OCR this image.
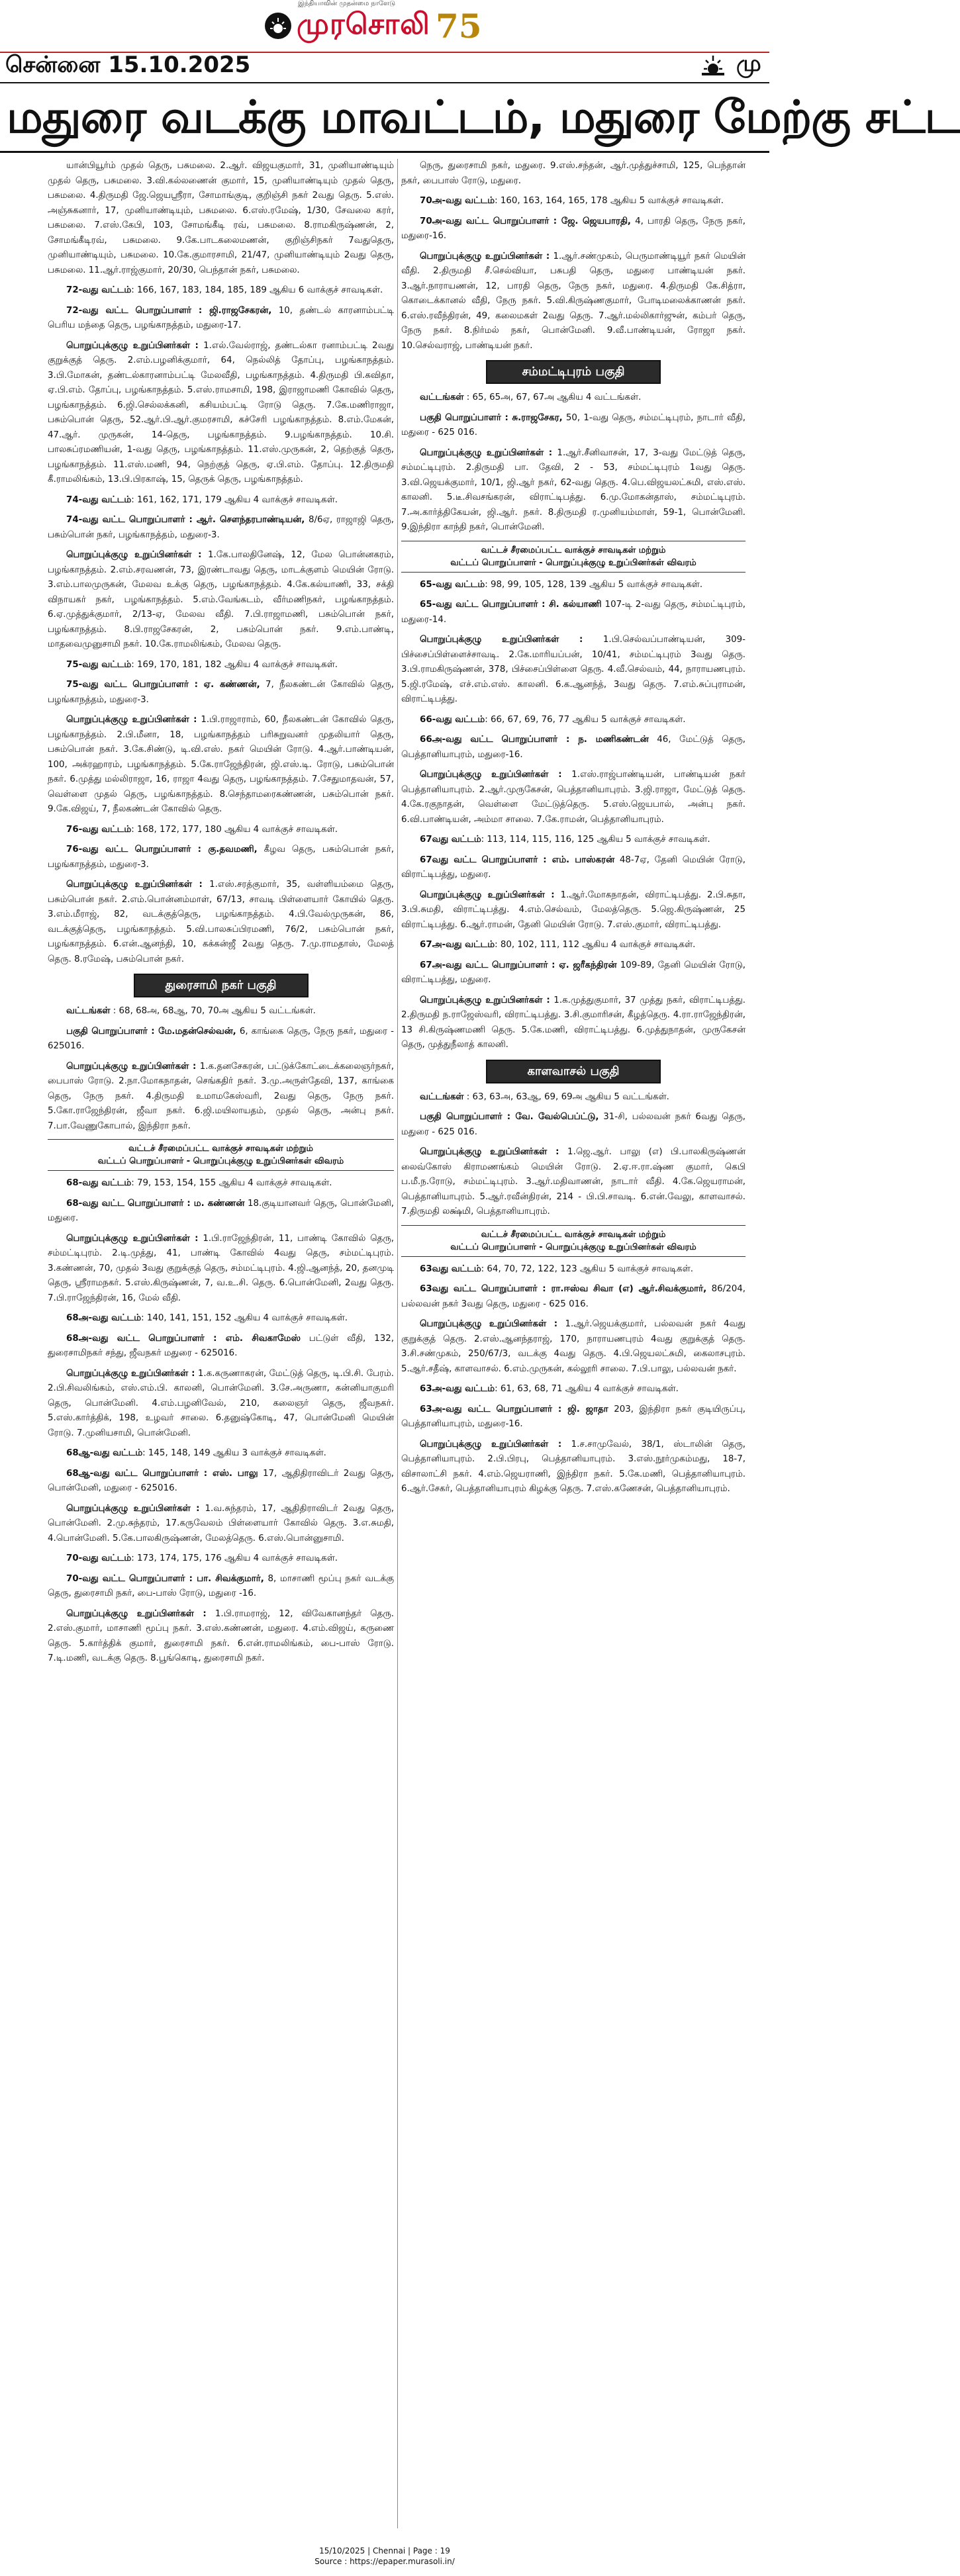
இந்தியாவின் முதன்மை நாளேடு
முரசொலி 75
சென்னை 15.10.2025	மு
மதுரை வடக்கு மாவட்டம், மதுரை மேற்கு சட்ட

யான்பியூர்ம் முதல் தெரு, பசுமலை. 2.ஆர். விஜயகுமார், 31, முனியாண்டியும் முதல் தெரு, பசுமலை. 3.வி.கல்லணைன் குமார், 15, முனியாண்டியும் முதல் தெரு, பசுமலை. 4.திருமதி ஜே.ஜெயஸ்ரீரா, சோமாங்குடி, குறிஞ்சி நகர் 2வது தெரு. 5.எஸ். அஞ்சுகனார், 17, முனியாண்டியும், பசுமலை. 6.எஸ்.ரமேஷ், 1/30, சேவலை கரர், பசுமலை. 7.எஸ்.கேபி, 103, சோமங்கீடி ரவ், பசுமலை. 8.ராமகிருஷ்ணன், 2, சோமங்கீடிரவ், பசுமலை. 9.கே.பாடகலைமணன், குறிஞ்சிநகர் 7வதுதெரு, முனியாண்டியும், பசுமலை. 10.கே.குமாரசாமி, 21/47, முனியாண்டியும் 2வது தெரு, பசுமலை. 11.ஆர்.ராஜ்குமார், 20/30, பெந்தான் நகர், பசுமலை.

72-வது வட்டம்: 166, 167, 183, 184, 185, 189 ஆகிய 6 வாக்குச் சாவடிகள்.

72-வது வட்ட பொறுப்பாளர் : ஜி.ராஜசேகரன், 10, தண்டல் காரனாம்பட்டி பெரிய மந்தை தெரு, பழங்காநத்தம், மதுரை-17.

பொறுப்புக்குழு உறுப்பினர்கள் : 1.எல்.வேல்ராஜ், தண்டல்கா ரனாம்பட்டி 2வது குறுக்குத் தெரு. 2.எம்.பழனிக்குமார், 64, நெல்லித் தோப்பு, பழங்காநத்தம். 3.பி.மோகன், தண்டல்காரனாம்பட்டி மேலவீதி, பழங்காநத்தம். 4.திருமதி பி.கவிதா, ஏ.பி.எம். தோப்பு, பழங்காநத்தம். 5.எஸ்.ராமசாமி, 198, இராஜாமணி கோவில் தெரு, பழங்காநத்தம். 6.ஜி.செல்லக்கனி, கசியம்பட்டி ரோடு தெரு. 7.கே.மணிராஜா, பசும்பொன் தெரு, 52.ஆர்.பி.ஆர்.குமரசாமி, கச்சேரி பழங்காநத்தம். 8.எம்.மேகன், 47.ஆர். முருகன், 14-தெரு, பழங்காநத்தம். 9.பழங்காநத்தம். 10.சி. பாலசுப்ரமணியன், 1-வது தெரு, பழங்காநத்தம். 11.எஸ்.முருகன், 2, தெற்குத் தெரு, பழங்காநத்தம். 11.எஸ்.மணி, 94, நெற்குத் தெரு, ஏ.பி.எம். தோப்பு. 12.திருமதி கீ.ராமலிங்கம், 13.பி.பிரகாஷ், 15, தெருக் தெரு, பழங்காநத்தம்.

74-வது வட்டம்: 161, 162, 171, 179 ஆகிய 4 வாக்குச் சாவடிகள்.

74-வது வட்ட பொறுப்பாளர் : ஆர். சௌந்தரபாண்டியன், 8/6ஏ, ராஜாஜி தெரு, பசும்பொன் நகர், பழங்காநத்தம், மதுரை-3.

பொறுப்புக்குழு உறுப்பினர்கள் : 1.கே.பாலதினேஷ், 12, மேல பொன்னகரம், பழங்காநத்தம். 2.எம்.சரவணன், 73, இரண்டாவது தெரு, மாடக்குளம் மெயின் ரோடு. 3.எம்.பாலமுருகன், மேலவ உக்கு தெரு, பழங்காநத்தம். 4.கே.கல்யாணி, 33, சக்தி விநாயகர் நகர், பழங்காநத்தம். 5.எம்.வேங்கடம், வீர்மணிநகர், பழங்காநத்தம். 6.ஏ.முத்துக்குமார், 2/13-ஏ, மேலவ வீதி. 7.பி.ராஜாமணி, பசும்பொன் நகர், பழங்காநத்தம். 8.பி.ராஜசேகரன், 2, பசும்பொன் நகர். 9.எம்.பாண்டி, மாதவைமுனுசாமி நகர். 10.கே.ராமலிங்கம், மேலவ தெரு.

75-வது வட்டம்: 169, 170, 181, 182 ஆகிய 4 வாக்குச் சாவடிகள்.

75-வது வட்ட பொறுப்பாளர் : ஏ. கண்ணன், 7, நீலகண்டன் கோவில் தெரு, பழங்காநத்தம், மதுரை-3.

பொறுப்புக்குழு உறுப்பினர்கள் : 1.பி.ராஜாராம், 60, நீலகண்டன் கோவில் தெரு, பழங்காநத்தம். 2.பி.மீனா, 18, பழங்காநத்தம் பரிசுறுவனர் முதலியார் தெரு, பசும்பொன் நகர். 3.கே.சிண்டு, டி.வி.எஸ். நகர் மெயின் ரோடு. 4.ஆர்.பாண்டியன், 100, அக்ரஹாரம், பழங்காநத்தம். 5.கே.ராஜேந்திரன், ஜி.எஸ்.டி. ரோடு, பசும்பொன் நகர். 6.முத்து மல்லிராஜா, 16, ராஜா 4வது தெரு, பழங்காநத்தம். 7.சேதுமாதவன், 57, வெள்ளை முதல் தெரு, பழங்காநத்தம். 8.செந்தாமரைகண்ணன், பசும்பொன் நகர். 9.கே.விஜய், 7, நீலகண்டன் கோவில் தெரு.

76-வது வட்டம்: 168, 172, 177, 180 ஆகிய 4 வாக்குச் சாவடிகள்.

76-வது வட்ட பொறுப்பாளர் : கு.தவமணி, கீழவ தெரு, பசும்பொன் நகர், பழங்காநத்தம், மதுரை-3.

பொறுப்புக்குழு உறுப்பினர்கள் : 1.எஸ்.சரத்குமார், 35, வள்ளியம்மை தெரு, பசும்பொன் நகர். 2.எம்.பொன்னம்மாள், 67/13, சாவடி பிள்ளையார் கோயில் தெரு. 3.எம்.மீராஜ், 82, வடக்குத்தெரு, பழங்காநத்தம். 4.பி.வேல்முருகன், 86, வடக்குத்தெரு, பழங்காநத்தம். 5.வி.பாலசுப்பிரமணி, 76/2, பசும்பொன் நகர், பழங்காநத்தம். 6.என்.ஆனந்தி, 10, கக்கன்ஜீ 2வது தெரு. 7.மு.ராமதாஸ், மேலத் தெரு. 8.ரமேஷ், பசும்பொன் நகர்.

துரைசாமி நகர் பகுதி

வட்டங்கள் : 68, 68அ, 68ஆ, 70, 70அ ஆகிய 5 வட்டங்கள்.

பகுதி பொறுப்பாளர் : மே.மதன்செல்வன், 6, காங்கை தெரு, நேரு நகர், மதுரை - 625016.

பொறுப்புக்குழு உறுப்பினர்கள் : 1.க.தனசேகரன், பட்டுக்கோட்டைக்கலைஞர்நகர், பைபாஸ் ரோடு. 2.நா.மோகநாதன், செங்கதிர் நகர். 3.மு.அருள்தேவி, 137, காங்கை தெரு, நேரு நகர். 4.திருமதி உமாமகேஸ்வரி, 2வது தெரு, நேரு நகர். 5.கோ.ராஜேந்திரன், ஜீவா நகர். 6.ஜி.மயிலாயதம், முதல் தெரு, அன்பு நகர். 7.பா.வேணுகோபால், இந்திரா நகர்.

வட்டச் சீரமைப்பட்ட வாக்குச் சாவடிகள் மற்றும்
வட்டப் பொறுப்பாளர் - பொறுப்புக்குழு உறுப்பினர்கள் விவரம்

68-வது வட்டம்: 79, 153, 154, 155 ஆகிய 4 வாக்குச் சாவடிகள்.

68-வது வட்ட பொறுப்பாளர் : ம. கண்ணன் 18.குடியானவர் தெரு, பொன்மேனி, மதுரை.

பொறுப்புக்குழு உறுப்பினர்கள் : 1.பி.ராஜேந்திரன், 11, பாண்டி கோவில் தெரு, சம்மட்டிபுரம். 2.டி.முத்து, 41, பாண்டி கோவில் 4வது தெரு, சம்மட்டிபுரம். 3.கண்ணன், 70, முதல் 3வது குறுக்குத் தெரு, சம்மட்டிபுரம். 4.ஜி.ஆனந்த், 20, தனமுடி தெரு, ஸ்ரீராமநகர். 5.எஸ்.கிருஷ்ணன், 7, வ.உ.சி. தெரு. 6.பொன்மேனி, 2வது தெரு. 7.பி.ராஜேந்திரன், 16, மேல் வீதி.

68அ-வது வட்டம்: 140, 141, 151, 152 ஆகிய 4 வாக்குச் சாவடிகள்.

68அ-வது வட்ட பொறுப்பாளர் : எம். சிவகாமேஸ் பட்டுள் வீதி, 132, துரைசாமிநகர் சந்து, ஜீவநகர் மதுரை - 625016.

பொறுப்புக்குழு உறுப்பினர்கள் : 1.க.கருணாகரன், மேட்டுத் தெரு, டி.பி.சி. பேரம். 2.பி.சிவலிங்கம், எஸ்.எம்.பி. காலனி, பொன்மேனி. 3.சே.அருணா, கன்னியாகுமரி தெரு, பொன்மேனி. 4.எம்.பழனிவேல், 210, கலைஞர் தெரு, ஜீவநகர். 5.எஸ்.கார்த்திக், 198, உழவர் சாலை. 6.தனுஷ்கோடி, 47, பொன்மேனி மெயின் ரோடு. 7.முனியசாமி, பொன்மேனி.

68ஆ-வது வட்டம்: 145, 148, 149 ஆகிய 3 வாக்குச் சாவடிகள்.

68ஆ-வது வட்ட பொறுப்பாளர் : எஸ். பாலு 17, ஆதிதிராவிடர் 2வது தெரு, பொன்மேனி, மதுரை - 625016.

பொறுப்புக்குழு உறுப்பினர்கள் : 1.வ.சுந்தரம், 17, ஆதிதிராவிடர் 2வது தெரு, பொன்மேனி. 2.மு.சுந்தரம், 17.கருவேலம் பிள்ளையார் கோவில் தெரு. 3.எ.சுமதி, 4.பொன்மேனி. 5.கே.பாலகிருஷ்ணன், மேலத்தெரு. 6.எஸ்.பொன்னுசாமி.

70-வது வட்டம்: 173, 174, 175, 176 ஆகிய 4 வாக்குச் சாவடிகள்.

70-வது வட்ட பொறுப்பாளர் : பா. சிவக்குமார், 8, மாசாணி மூப்பு நகர் வடக்கு தெரு, துரைசாமி நகர், பை-பாஸ் ரோடு, மதுரை -16.

பொறுப்புக்குழு உறுப்பினர்கள் : 1.பி.ராமராஜ், 12, விவேகானந்தர் தெரு. 2.எஸ்.குமார், மாசாணி மூப்பு நகர். 3.எஸ்.கண்ணன், மதுரை. 4.எம்.விஜய், கருணை தெரு. 5.கார்த்திக் குமார், துரைசாமி நகர். 6.என்.ராமலிங்கம், பை-பாஸ் ரோடு. 7.டி.மணி, வடக்கு தெரு. 8.பூங்கொடி, துரைசாமி நகர்.

நெரு, துரைசாமி நகர், மதுரை. 9.எஸ்.சந்தன், ஆர்.முத்துச்சாமி, 125, பெந்தான் நகர், பைபாஸ் ரோடு, மதுரை.

70அ-வது வட்டம்: 160, 163, 164, 165, 178 ஆகிய 5 வாக்குச் சாவடிகள்.

70அ-வது வட்ட பொறுப்பாளர் : ஜே. ஜெயபாரதி, 4, பாரதி தெரு, நேரு நகர், மதுரை-16.

பொறுப்புக்குழு உறுப்பினர்கள் : 1.ஆர்.சண்முகம், பெருமாண்டியூர் நகர் மெயின் வீதி. 2.திருமதி சீ.செல்வியா, பசுபதி தெரு, மதுரை பாண்டியன் நகர். 3.ஆர்.நாராயணன், 12, பாரதி தெரு, நேரு நகர், மதுரை. 4.திருமதி கே.சித்ரா, கொடைக்கானல் வீதி, நேரு நகர். 5.வி.கிருஷ்ணகுமார், போடிமலைக்காணன் நகர். 6.எஸ்.ரவீந்திரன், 49, கலைமகள் 2வது தெரு. 7.ஆர்.மல்லிகார்ஜுன், கம்பர் தெரு, நேரு நகர். 8.நிர்மல் நகர், பொன்மேனி. 9.வீ.பாண்டியன், ரோஜா நகர். 10.செல்வராஜ், பாண்டியன் நகர்.

சம்மட்டிபுரம் பகுதி

வட்டங்கள் : 65, 65அ, 67, 67அ ஆகிய 4 வட்டங்கள்.

பகுதி பொறுப்பாளர் : சு.ராஜசேகர, 50, 1-வது தெரு, சம்மட்டிபுரம், நாடார் வீதி, மதுரை - 625 016.

பொறுப்புக்குழு உறுப்பினர்கள் : 1.ஆர்.சீனிவாசன், 17, 3-வது மேட்டுத் தெரு, சம்மட்டிபுரம். 2.திருமதி பா. தேவி, 2 - 53, சம்மட்டிபுரம் 1வது தெரு. 3.வி.ஜெயக்குமார், 10/1, ஜி.ஆர் நகர், 62-வது தெரு. 4.பெ.விஜயலட்சுமி, எஸ்.எஸ். காலனி. 5.டீ.சிவசங்கரன், விராட்டிபத்து. 6.மு.மோகன்தாஸ், சம்மட்டிபுரம். 7.அ.கார்த்திகேயன், ஜி.ஆர். நகர். 8.திருமதி ர.முனியம்மாள், 59-1, பொன்மேனி. 9.இந்திரா காந்தி நகர், பொன்மேனி.

வட்டச் சீரமைப்பட்ட வாக்குச் சாவடிகள் மற்றும்
வட்டப் பொறுப்பாளர் - பொறுப்புக்குழு உறுப்பினர்கள் விவரம்

65-வது வட்டம்: 98, 99, 105, 128, 139 ஆகிய 5 வாக்குச் சாவடிகள்.

65-வது வட்ட பொறுப்பாளர் : சி. கல்யாணி 107-டி 2-வது தெரு, சம்மட்டிபுரம், மதுரை-14.

பொறுப்புக்குழு உறுப்பினர்கள் : 1.பி.செல்வப்பாண்டியன், 309-பிச்சைப்பிள்ளைச்சாவடி. 2.கே.மாரியப்பன், 10/41, சம்மட்டிபுரம் 3வது தெரு. 3.பி.ராமகிருஷ்ணன், 378, பிச்சைப்பிள்ளை தெரு. 4.வீ.செல்வம், 44, நாராயணபுரம். 5.ஜி.ரமேஷ், எச்.எம்.எஸ். காலனி. 6.க.ஆனந்த், 3வது தெரு. 7.எம்.சுப்புராமன், விராட்டிபத்து.

66-வது வட்டம்: 66, 67, 69, 76, 77 ஆகிய 5 வாக்குச் சாவடிகள்.

66அ-வது வட்ட பொறுப்பாளர் : ந. மணிகண்டன் 46, மேட்டுத் தெரு, பெத்தானியாபுரம், மதுரை-16.

பொறுப்புக்குழு உறுப்பினர்கள் : 1.எஸ்.ராஜ்பாண்டியன், பாண்டியன் நகர் பெத்தானியாபுரம். 2.ஆர்.முருகேசன், பெத்தானியாபுரம். 3.ஜி.ராஜா, மேட்டுத் தெரு. 4.கே.ரகுநாதன், வெள்ளை மேட்டுத்தெரு. 5.எஸ்.ஜெயபால், அன்பு நகர். 6.வி.பாண்டியன், அம்மா சாலை. 7.கே.ராமன், பெத்தானியாபுரம்.

67வது வட்டம்: 113, 114, 115, 116, 125 ஆகிய 5 வாக்குச் சாவடிகள்.

67வது வட்ட பொறுப்பாளர் : எம். பாஸ்கரன் 48-7ஏ, தேனி மெயின் ரோடு, விராட்டிபத்து, மதுரை.

பொறுப்புக்குழு உறுப்பினர்கள் : 1.ஆர்.மோகநாதன், விராட்டிபத்து. 2.பி.சுதா, 3.பி.சுமதி, விராட்டிபத்து. 4.எம்.செல்வம், மேலத்தெரு. 5.ஜெ.கிருஷ்ணன், 25 விராட்டிபத்து. 6.ஆர்.ராமன், தேனி மெயின் ரோடு. 7.எஸ்.குமார், விராட்டிபத்து.

67அ-வது வட்டம்: 80, 102, 111, 112 ஆகிய 4 வாக்குச் சாவடிகள்.

67அ-வது வட்ட பொறுப்பாளர் : ஏ. ஜரீகந்திரன் 109-89, தேனி மெயின் ரோடு, விராட்டிபத்து, மதுரை.

பொறுப்புக்குழு உறுப்பினர்கள் : 1.க.முத்துகுமார், 37 முத்து நகர், விராட்டிபத்து. 2.திருமதி ந.ராஜேஸ்வரி, விராட்டிபத்து. 3.சி.குமாரிசன், கீழத்தெரு. 4.ரா.ராஜேந்திரன், 13 சி.கிருஷ்ணமணி தெரு. 5.கே.மணி, விராட்டிபத்து. 6.முத்துநாதன், முருகேசன் தெரு, முத்துநீலாத் காலனி.

காளவாசல் பகுதி

வட்டங்கள் : 63, 63அ, 63ஆ, 69, 69அ ஆகிய 5 வட்டங்கள்.

பகுதி பொறுப்பாளர் : வே. வேல்பெப்ட்டு, 31-சி, பல்லவன் நகர் 6வது தெரு, மதுரை - 625 016.

பொறுப்புக்குழு உறுப்பினர்கள் : 1.ஜெ.ஆர். பாலு (எ) பி.பாலகிருஷ்ணன் லைவ்கோஸ் கிராமணங்கம் மெயின் ரோடு. 2.ஏ.ஈ.ரா.ஷ்ண குமார், கெபி ப.மீ.ந.ரோடு, சம்மட்டிபுரம். 3.ஆர்.மதிவாணன், நாடார் வீதி. 4.கே.ஜெயராமன், பெத்தானியாபுரம். 5.ஆர்.ரவீன்திரன், 214 - பி.பி.சாவடி. 6.என்.வேலு, காளவாசல். 7.திருமதி லக்ஷ்மி, பெத்தானியாபுரம்.

வட்டச் சீரமைப்பட்ட வாக்குச் சாவடிகள் மற்றும்
வட்டப் பொறுப்பாளர் - பொறுப்புக்குழு உறுப்பினர்கள் விவரம்

63வது வட்டம்: 64, 70, 72, 122, 123 ஆகிய 5 வாக்குச் சாவடிகள்.

63வது வட்ட பொறுப்பாளர் : ரா.ஈஸ்வ சிவா (எ) ஆர்.சிவக்குமார், 86/204, பல்லவன் நகர் 3வது தெரு, மதுரை - 625 016.

பொறுப்புக்குழு உறுப்பினர்கள் : 1.ஆர்.ஜெயக்குமார், பல்லவன் நகர் 4வது குறுக்குத் தெரு. 2.எஸ்.ஆனந்தராஜ், 170, நாராயணபுரம் 4வது குறுக்குத் தெரு. 3.சி.சண்முகம், 250/67/3, வடக்கு 4வது தெரு. 4.பி.ஜெயலட்சுமி, கைலாசபுரம். 5.ஆர்.சதீஷ், காளவாசல். 6.எம்.முருகன், கல்லூரி சாலை. 7.பி.பாலு, பல்லவன் நகர்.

63அ-வது வட்டம்: 61, 63, 68, 71 ஆகிய 4 வாக்குச் சாவடிகள்.

63அ-வது வட்ட பொறுப்பாளர் : ஜி. ஜாதா 203, இந்திரா நகர் குடியிருப்பு, பெத்தானியாபுரம், மதுரை-16.

பொறுப்புக்குழு உறுப்பினர்கள் : 1.ச.சாமுவேல், 38/1, ஸ்டாலின் தெரு, பெத்தானியாபுரம். 2.பி.பிரபு, பெத்தானியாபுரம். 3.எஸ்.நூர்முகம்மது, 18-7, விசாலாட்சி நகர். 4.எம்.ஜெயராணி, இந்திரா நகர். 5.கே.மணி, பெத்தானியாபுரம். 6.ஆர்.சேகர், பெத்தானியாபுரம் கிழக்கு தெரு. 7.எஸ்.கணேசன், பெத்தானியாபுரம்.

15/10/2025 | Chennai | Page : 19
Source : https://epaper.murasoli.in/
